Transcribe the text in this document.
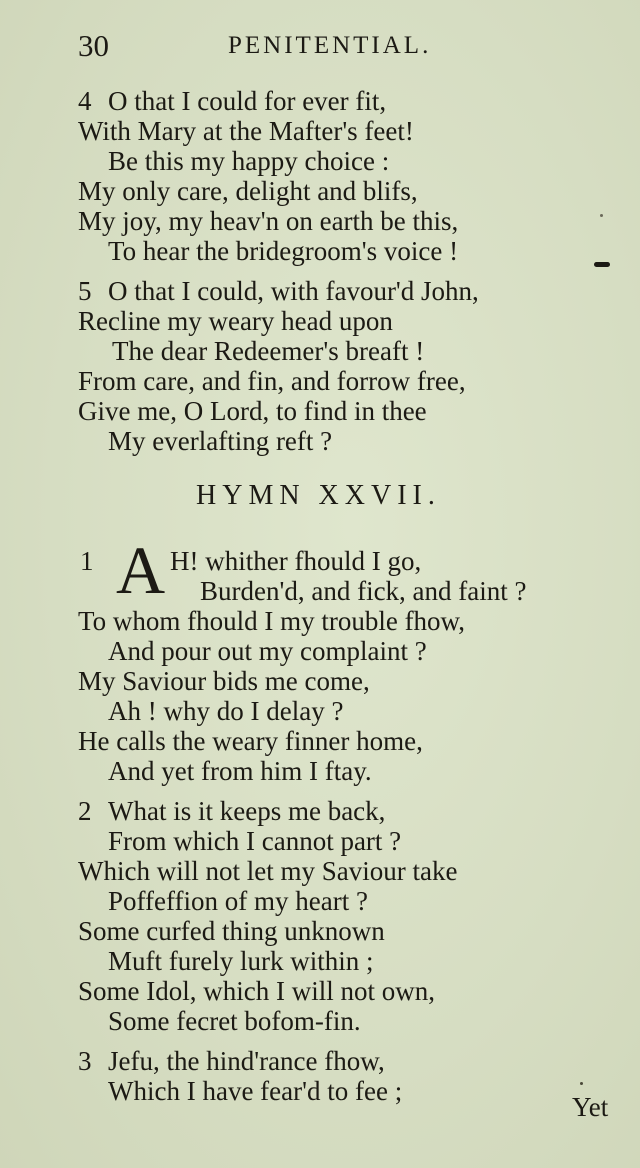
30	PENITENTIAL.
4 O that I could for ever fit,
With Mary at the Mafter's feet!
Be this my happy choice :
My only care, delight and blifs,
My joy, my heav'n on earth be this,
To hear the bridegroom's voice !
5 O that I could, with favour'd John,
Recline my weary head upon
The dear Redeemer's breaft !
From care, and fin, and forrow free,
Give me, O Lord, to find in thee
My everlafting reft ?
HYMN XXVII.
1 A H! whither fhould I go,
Burden'd, and fick, and faint ?
To whom fhould I my trouble fhow,
And pour out my complaint ?
My Saviour bids me come,
Ah ! why do I delay ?
He calls the weary finner home,
And yet from him I ftay.
2 What is it keeps me back,
From which I cannot part ?
Which will not let my Saviour take
Poffeffion of my heart ?
Some curfed thing unknown
Muft furely lurk within ;
Some Idol, which I will not own,
Some fecret bofom-fin.
3 Jefu, the hind'rance fhow,
Which I have fear'd to fee ;
Yet
